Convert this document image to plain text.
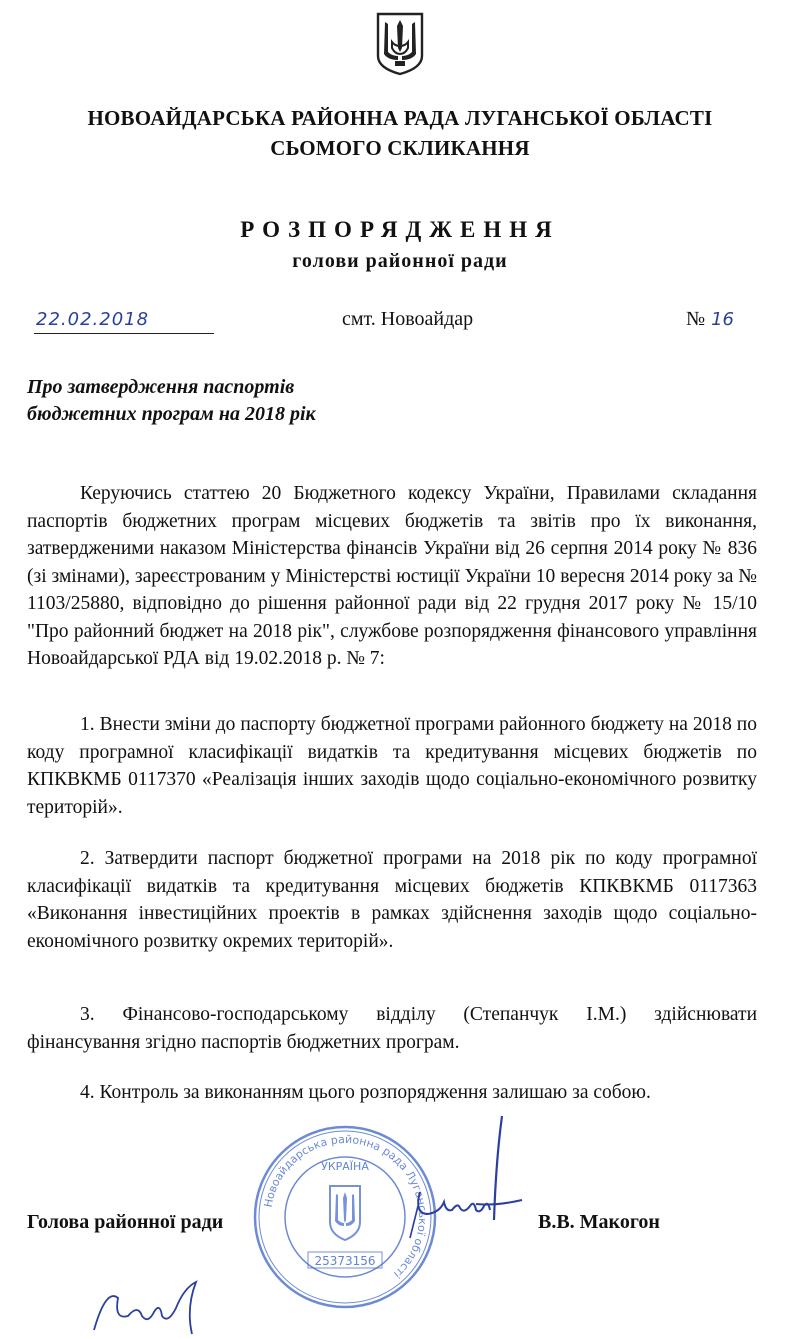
НОВОАЙДАРСЬКА РАЙОННА РАДА ЛУГАНСЬКОЇ ОБЛАСТІ
СЬОМОГО СКЛИКАННЯ
РОЗПОРЯДЖЕННЯ
голови районної ради
22.02.2018	смт. Новоайдар	№ 16
Про затвердження паспортів
бюджетних програм на 2018 рік
Керуючись статтею 20 Бюджетного кодексу України, Правилами складання паспортів бюджетних програм місцевих бюджетів та звітів про їх виконання, затвердженими наказом Міністерства фінансів України від 26 серпня 2014 року № 836 (зі змінами), зареєстрованим у Міністерстві юстиції України 10 вересня 2014 року за № 1103/25880, відповідно до рішення районної ради від 22 грудня 2017 року № 15/10 "Про районний бюджет на 2018 рік", службове розпорядження фінансового управління Новоайдарської РДА від 19.02.2018 р. № 7:
1. Внести зміни до паспорту бюджетної програми районного бюджету на 2018 по коду програмної класифікації видатків та кредитування місцевих бюджетів по КПКВКМБ 0117370 «Реалізація інших заходів щодо соціально-економічного розвитку територій».
2. Затвердити паспорт бюджетної програми на 2018 рік по коду програмної класифікації видатків та кредитування місцевих бюджетів КПКВКМБ 0117363 «Виконання інвестиційних проектів в рамках здійснення заходів щодо соціально-економічного розвитку окремих територій».
3. Фінансово-господарському відділу (Степанчук І.М.) здійснювати фінансування згідно паспортів бюджетних програм.
4. Контроль за виконанням цього розпорядження залишаю за собою.
Новоайдарська районна рада Луганської області
УКРАЇНА
25373156
Голова районної ради	В.В. Макогон
